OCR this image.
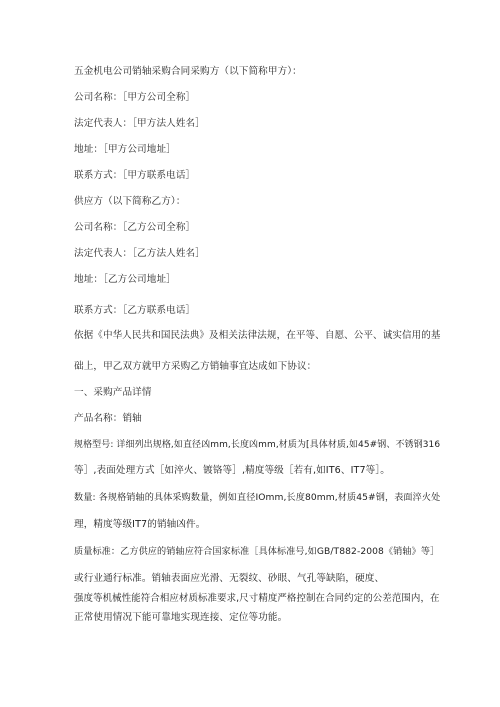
五金机电公司销轴采购合同采购方（以下简称甲方）：
公司名称：［甲方公司全称］
法定代表人：［甲方法人姓名］
地址：［甲方公司地址］
联系方式：［甲方联系电话］
供应方（以下简称乙方）：
公司名称：［乙方公司全称］
法定代表人：［乙方法人姓名］
地址：［乙方公司地址］
联系方式：［乙方联系电话］
依据《中华人民共和国民法典》及相关法律法规，在平等、自愿、公平、诚实信用的基
础上，甲乙双方就甲方采购乙方销轴事宜达成如下协议：
一、采购产品详情
产品名称：销轴
规格型号: 详细列出规格,如直径凶mm,长度凶mm,材质为[具体材质,如45#钢、不锈钢316
等］,表面处理方式［如淬火、镀铬等］,精度等级［若有,如IT6、IT7等］。
数量: 各规格销轴的具体采购数量，例如直径IOmm,长度80mm,材质45#钢，表面淬火处
理，精度等级IT7的销轴凶件。
质量标准：乙方供应的销轴应符合国家标准［具体标准号,如GB/T882-2008《销轴》等］
或行业通行标准。销轴表面应光滑、无裂纹、砂眼、气孔等缺陷，硬度、
强度等机械性能符合相应材质标准要求,尺寸精度严格控制在合同约定的公差范围内，在
正常使用情况下能可靠地实现连接、定位等功能。
